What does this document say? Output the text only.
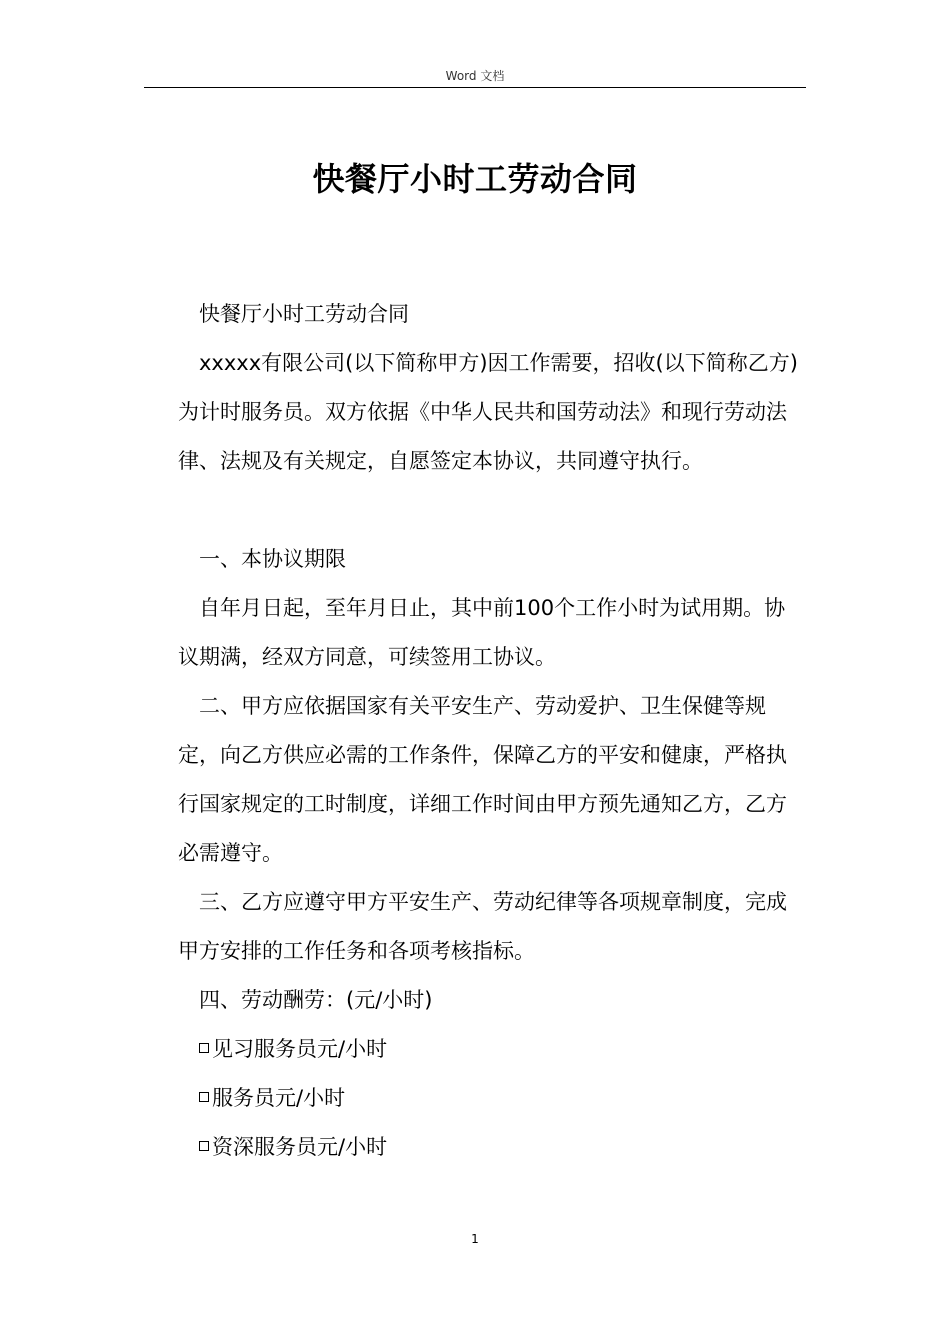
Word 文档
快餐厅小时工劳动合同

快餐厅小时工劳动合同

xxxxx有限公司(以下简称甲方)因工作需要，招收(以下简称乙方)为计时服务员。双方依据《中华人民共和国劳动法》和现行劳动法律、法规及有关规定，自愿签定本协议，共同遵守执行。

一、本协议期限

自年月日起，至年月日止，其中前100个工作小时为试用期。协议期满，经双方同意，可续签用工协议。

二、甲方应依据国家有关平安生产、劳动爱护、卫生保健等规定，向乙方供应必需的工作条件，保障乙方的平安和健康，严格执行国家规定的工时制度，详细工作时间由甲方预先通知乙方，乙方必需遵守。

三、乙方应遵守甲方平安生产、劳动纪律等各项规章制度，完成甲方安排的工作任务和各项考核指标。

四、劳动酬劳：(元/小时)

见习服务员元/小时

服务员元/小时

资深服务员元/小时

1
